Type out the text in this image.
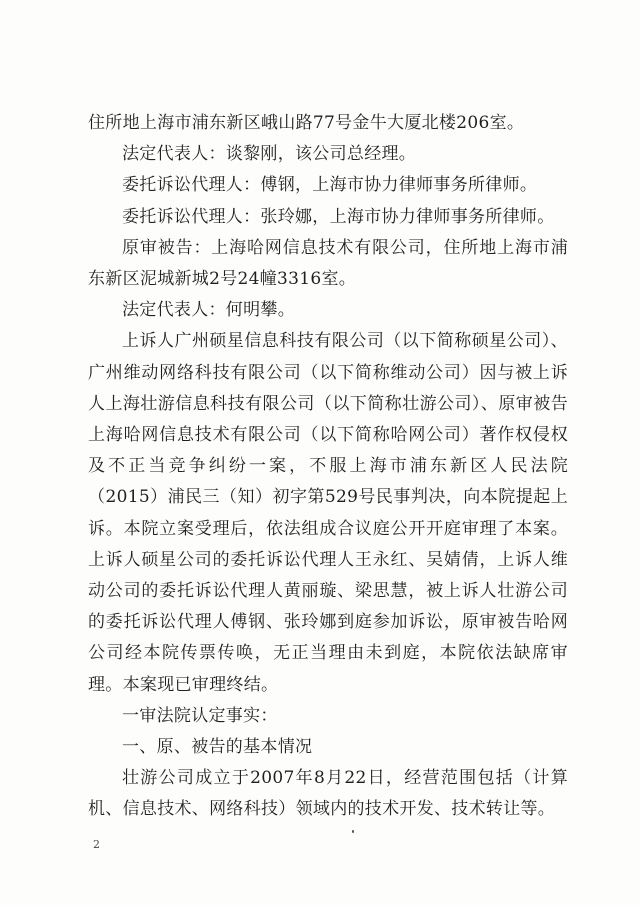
住所地上海市浦东新区峨山路77号金牛大厦北楼206室。

法定代表人：谈黎刚，该公司总经理。

委托诉讼代理人：傅钢，上海市协力律师事务所律师。

委托诉讼代理人：张玲娜，上海市协力律师事务所律师。

原审被告：上海哈网信息技术有限公司，住所地上海市浦东新区泥城新城2号24幢3316室。

法定代表人：何明攀。

上诉人广州硕星信息科技有限公司（以下简称硕星公司）、广州维动网络科技有限公司（以下简称维动公司）因与被上诉人上海壮游信息科技有限公司（以下简称壮游公司）、原审被告上海哈网信息技术有限公司（以下简称哈网公司）著作权侵权及不正当竞争纠纷一案，不服上海市浦东新区人民法院（2015）浦民三（知）初字第529号民事判决，向本院提起上诉。本院立案受理后，依法组成合议庭公开开庭审理了本案。上诉人硕星公司的委托诉讼代理人王永红、吴婧倩，上诉人维动公司的委托诉讼代理人黄丽璇、梁思慧，被上诉人壮游公司的委托诉讼代理人傅钢、张玲娜到庭参加诉讼，原审被告哈网公司经本院传票传唤，无正当理由未到庭，本院依法缺席审理。本案现已审理终结。

一审法院认定事实：

一、原、被告的基本情况

壮游公司成立于2007年8月22日，经营范围包括（计算机、信息技术、网络科技）领域内的技术开发、技术转让等。

2
